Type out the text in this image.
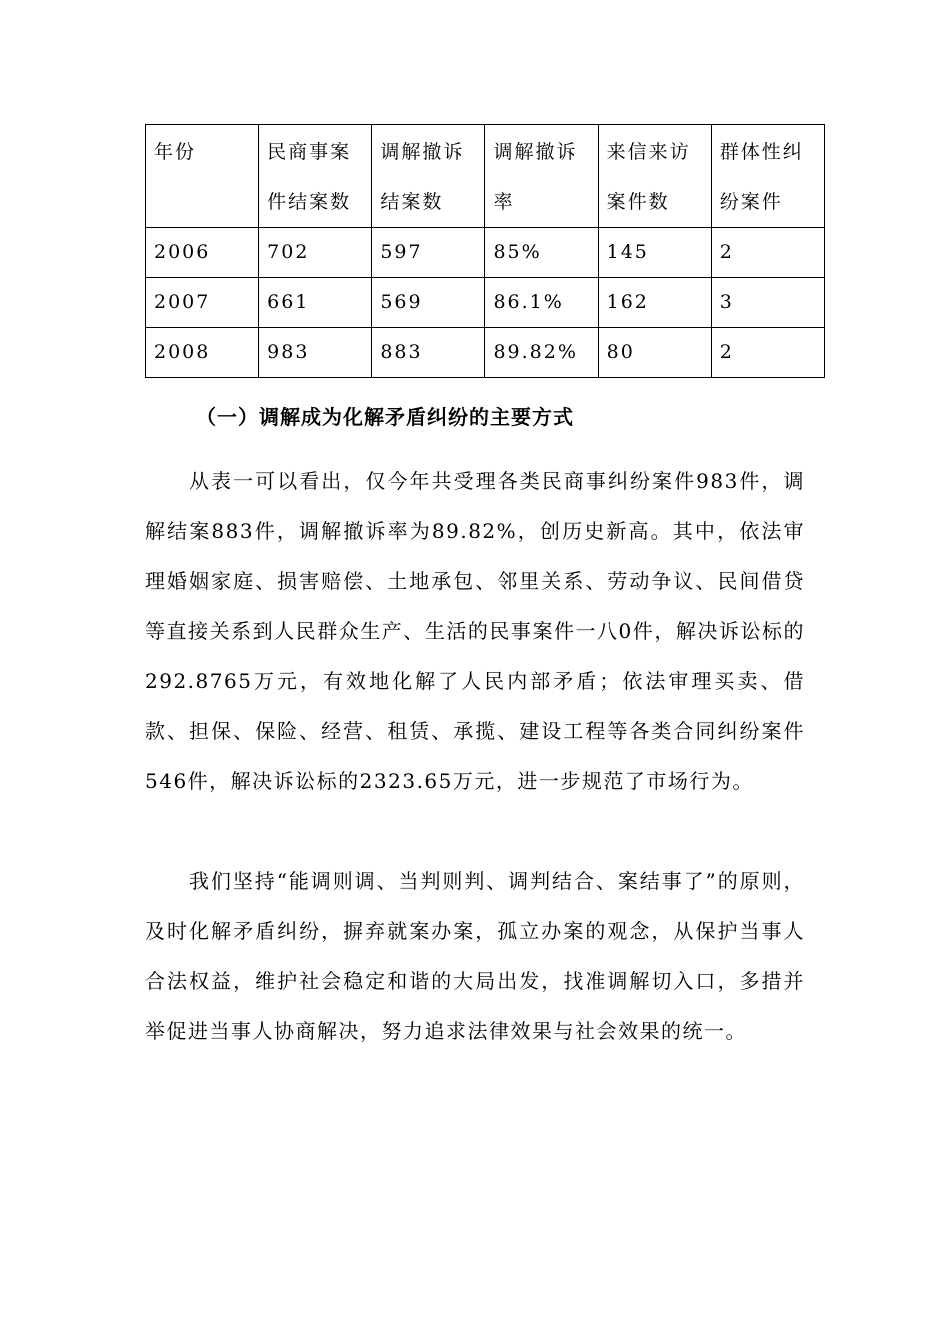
年份	民商事案件结案数	调解撤诉结案数	调解撤诉率	来信来访案件数	群体性纠纷案件

2006	702	597	85%	145	2
2007	661	569	86.1%	162	3
2008	983	883	89.82%	80	2
（一）调解成为化解矛盾纠纷的主要方式

从表一可以看出，仅今年共受理各类民商事纠纷案件983件，调解结案883件，调解撤诉率为89.82%，创历史新高。其中，依法审理婚姻家庭、损害赔偿、土地承包、邻里关系、劳动争议、民间借贷等直接关系到人民群众生产、生活的民事案件一八0件，解决诉讼标的292.8765万元，有效地化解了人民内部矛盾；依法审理买卖、借款、担保、保险、经营、租赁、承揽、建设工程等各类合同纠纷案件546件，解决诉讼标的2323.65万元，进一步规范了市场行为。

我们坚持“能调则调、当判则判、调判结合、案结事了”的原则，及时化解矛盾纠纷，摒弃就案办案，孤立办案的观念，从保护当事人合法权益，维护社会稳定和谐的大局出发，找准调解切入口，多措并举促进当事人协商解决，努力追求法律效果与社会效果的统一。
